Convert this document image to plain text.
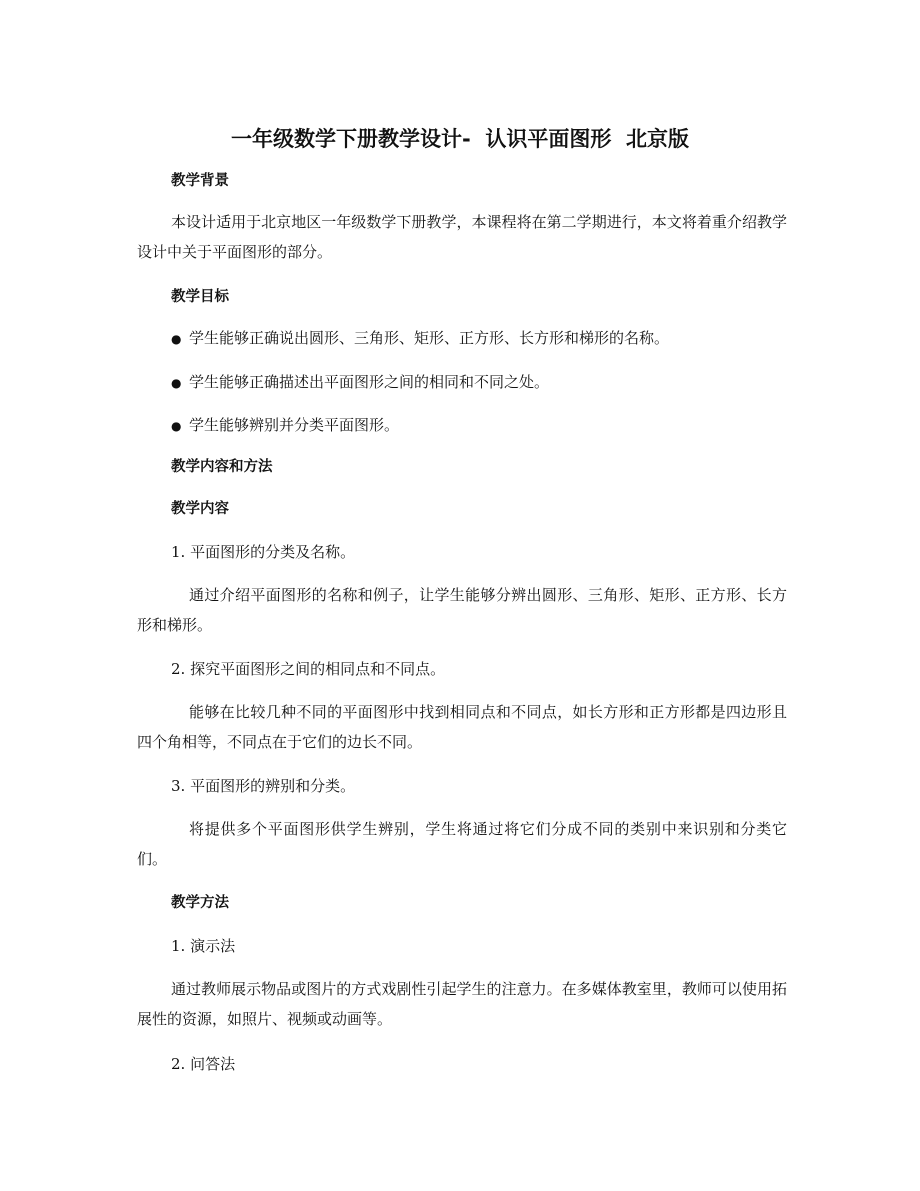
一年级数学下册教学设计-  认识平面图形  北京版
教学背景
本设计适用于北京地区一年级数学下册教学，本课程将在第二学期进行，本文将着重介绍教学设计中关于平面图形的部分。
教学目标
● 学生能够正确说出圆形、三角形、矩形、正方形、长方形和梯形的名称。
● 学生能够正确描述出平面图形之间的相同和不同之处。
● 学生能够辨别并分类平面图形。
教学内容和方法
教学内容
1. 平面图形的分类及名称。
通过介绍平面图形的名称和例子，让学生能够分辨出圆形、三角形、矩形、正方形、长方形和梯形。
2. 探究平面图形之间的相同点和不同点。
能够在比较几种不同的平面图形中找到相同点和不同点，如长方形和正方形都是四边形且四个角相等，不同点在于它们的边长不同。
3. 平面图形的辨别和分类。
将提供多个平面图形供学生辨别，学生将通过将它们分成不同的类别中来识别和分类它们。
教学方法
1. 演示法
通过教师展示物品或图片的方式戏剧性引起学生的注意力。在多媒体教室里，教师可以使用拓展性的资源，如照片、视频或动画等。
2. 问答法
